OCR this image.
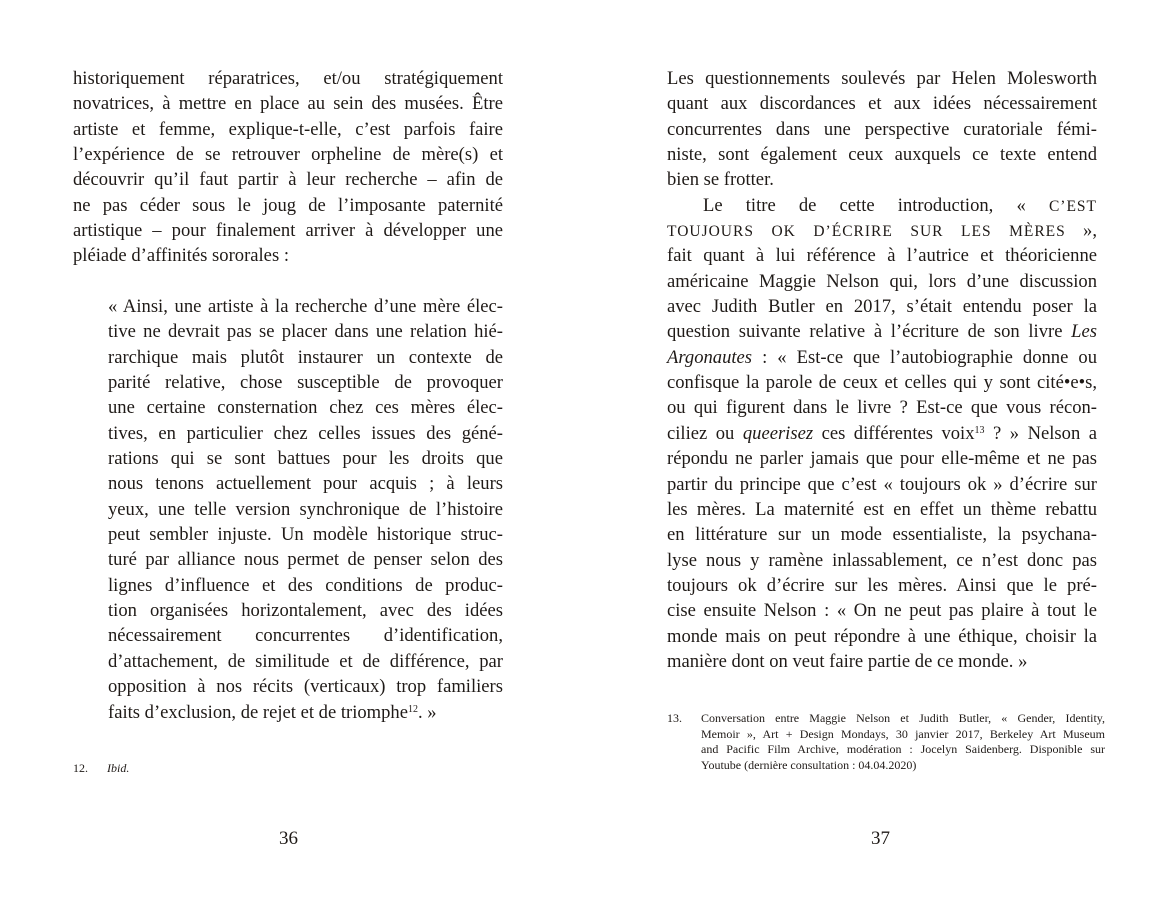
historiquement réparatrices, et/ou stratégiquement
novatrices, à mettre en place au sein des musées. Être
artiste et femme, explique-t-elle, c’est parfois faire
l’expérience de se retrouver orpheline de mère(s) et
découvrir qu’il faut partir à leur recherche – afin de
ne pas céder sous le joug de l’imposante paternité
artistique – pour finalement arriver à développer une
pléiade d’affinités sororales :
« Ainsi, une artiste à la recherche d’une mère élec-
tive ne devrait pas se placer dans une relation hié-
rarchique mais plutôt instaurer un contexte de
parité relative, chose susceptible de provoquer
une certaine consternation chez ces mères élec-
tives, en particulier chez celles issues des géné-
rations qui se sont battues pour les droits que
nous tenons actuellement pour acquis ; à leurs
yeux, une telle version synchronique de l’histoire
peut sembler injuste. Un modèle historique struc-
turé par alliance nous permet de penser selon des
lignes d’influence et des conditions de produc-
tion organisées horizontalement, avec des idées
nécessairement concurrentes d’identification,
d’attachement, de similitude et de différence, par
opposition à nos récits (verticaux) trop familiers
faits d’exclusion, de rejet et de triomphe$^{12}$. »
12. Ibid.
36
Les questionnements soulevés par Helen Molesworth
quant aux discordances et aux idées nécessairement
concurrentes dans une perspective curatoriale fémi-
niste, sont également ceux auxquels ce texte entend
bien se frotter.
Le titre de cette introduction, « C’EST
TOUJOURS OK D’ÉCRIRE SUR LES MÈRES »,
fait quant à lui référence à l’autrice et théoricienne
américaine Maggie Nelson qui, lors d’une discussion
avec Judith Butler en 2017, s’était entendu poser la
question suivante relative à l’écriture de son livre Les
Argonautes : « Est-ce que l’autobiographie donne ou
confisque la parole de ceux et celles qui y sont cité•e•s,
ou qui figurent dans le livre ? Est-ce que vous récon-
ciliez ou queerisez ces différentes voix$^{13}$ ? » Nelson a
répondu ne parler jamais que pour elle-même et ne pas
partir du principe que c’est « toujours ok » d’écrire sur
les mères. La maternité est en effet un thème rebattu
en littérature sur un mode essentialiste, la psychana-
lyse nous y ramène inlassablement, ce n’est donc pas
toujours ok d’écrire sur les mères. Ainsi que le pré-
cise ensuite Nelson : « On ne peut pas plaire à tout le
monde mais on peut répondre à une éthique, choisir la
manière dont on veut faire partie de ce monde. »
13. Conversation entre Maggie Nelson et Judith Butler, « Gender, Identity,
Memoir », Art + Design Mondays, 30 janvier 2017, Berkeley Art Museum
and Pacific Film Archive, modération : Jocelyn Saidenberg. Disponible sur
Youtube (dernière consultation : 04.04.2020)
37
